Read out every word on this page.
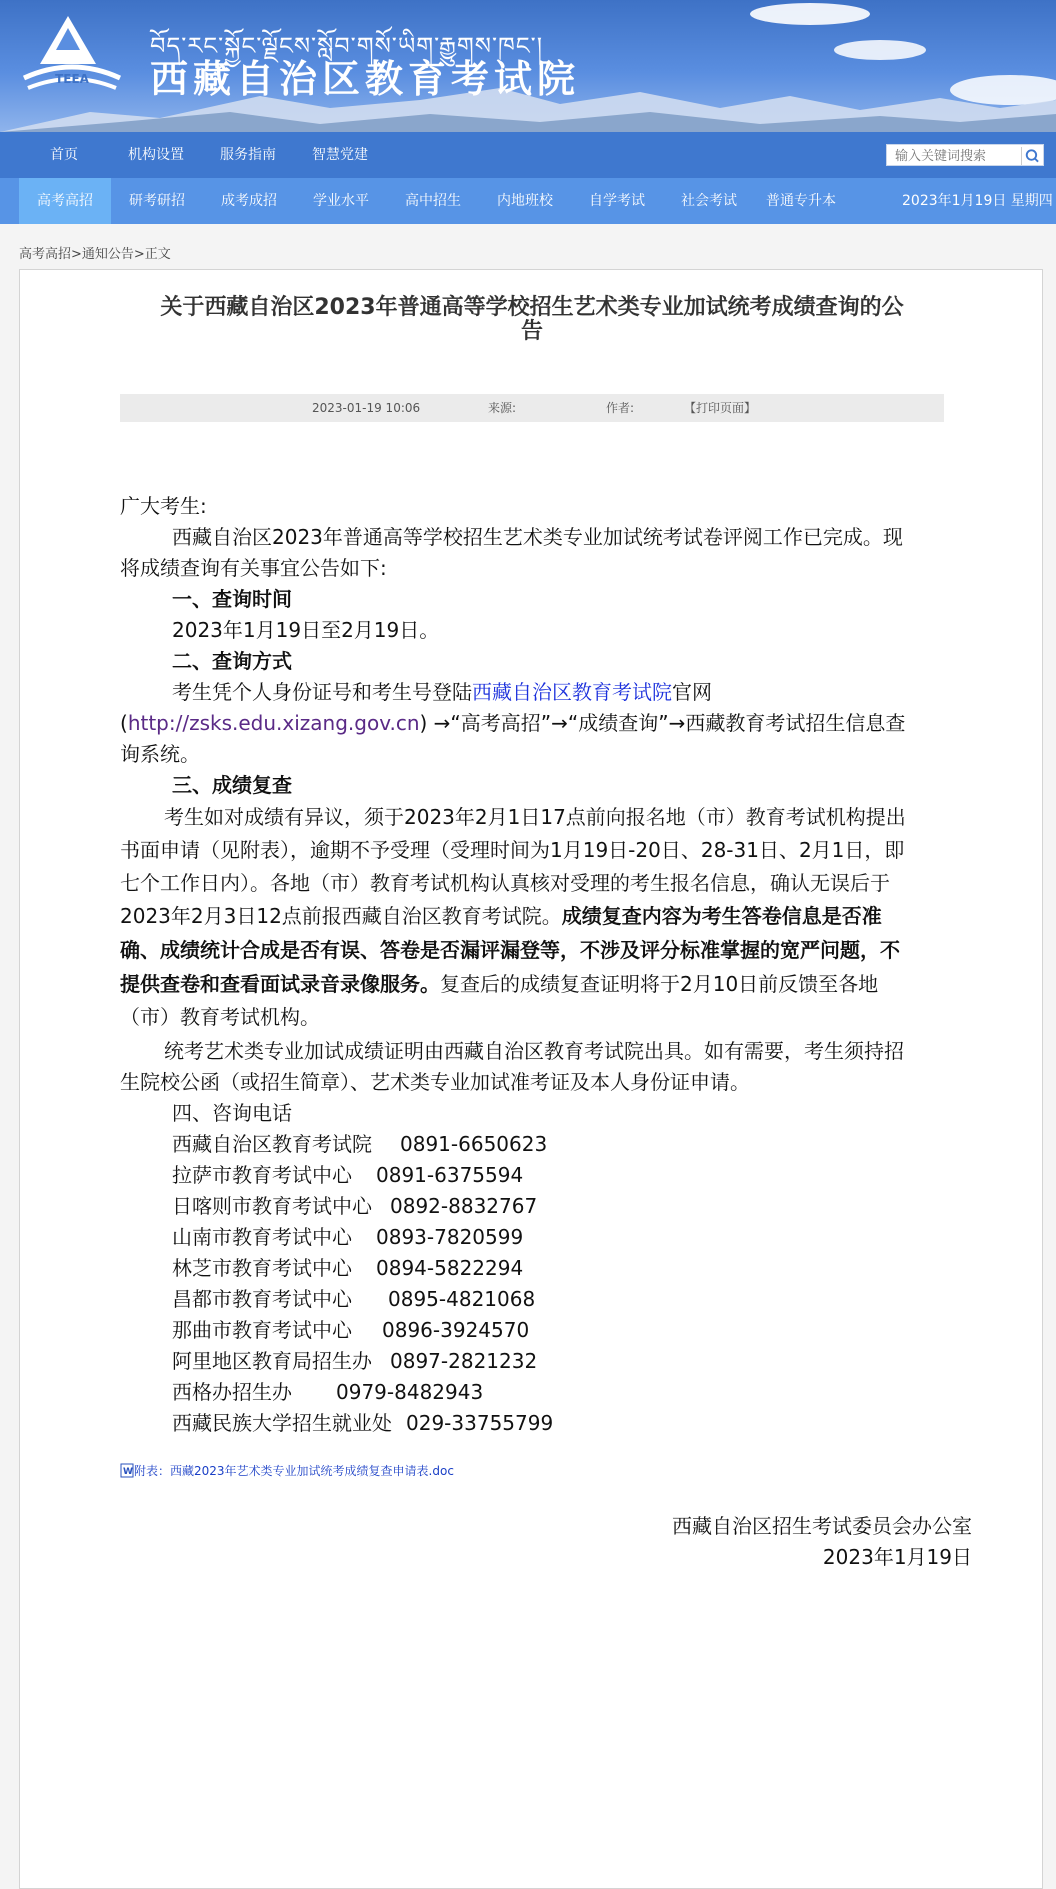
TEEA
བོད་རང་སྐྱོང་ལྗོངས་སློབ་གསོ་ཡིག་རྒྱུགས་ཁང་།
西藏自治区教育考试院
首页	机构设置	服务指南	智慧党建
输入关键词搜索
高考高招	研考研招	成考成招	学业水平	高中招生	内地班校	自学考试	社会考试	普通专升本	2023年1月19日 星期四
高考高招>通知公告>正文
关于西藏自治区2023年普通高等学校招生艺术类专业加试统考成绩查询的公
告
2023-01-19 10:06	来源:	作者:	【打印页面】
广大考生:
西藏自治区2023年普通高等学校招生艺术类专业加试统考试卷评阅工作已完成。现
将成绩查询有关事宜公告如下:
一、查询时间
2023年1月19日至2月19日。
二、查询方式
考生凭个人身份证号和考生号登陆西藏自治区教育考试院官网
(http://zsks.edu.xizang.gov.cn) →“高考高招”→“成绩查询”→西藏教育考试招生信息查
询系统。
三、成绩复查
考生如对成绩有异议，须于2023年2月1日17点前向报名地（市）教育考试机构提出
书面申请（见附表），逾期不予受理（受理时间为1月19日-20日、28-31日、2月1日，即
七个工作日内）。各地（市）教育考试机构认真核对受理的考生报名信息，确认无误后于
2023年2月3日12点前报西藏自治区教育考试院。成绩复查内容为考生答卷信息是否准
确、成绩统计合成是否有误、答卷是否漏评漏登等，不涉及评分标准掌握的宽严问题，不
提供查卷和查看面试录音录像服务。复查后的成绩复查证明将于2月10日前反馈至各地
（市）教育考试机构。
统考艺术类专业加试成绩证明由西藏自治区教育考试院出具。如有需要，考生须持招
生院校公函（或招生简章）、艺术类专业加试准考证及本人身份证申请。
四、咨询电话
西藏自治区教育考试院 0891-6650623
拉萨市教育考试中心 0891-6375594
日喀则市教育考试中心 0892-8832767
山南市教育考试中心 0893-7820599
林芝市教育考试中心 0894-5822294
昌都市教育考试中心 0895-4821068
那曲市教育考试中心 0896-3924570
阿里地区教育局招生办 0897-2821232
西格办招生办 0979-8482943
西藏民族大学招生就业处 029-33755799
W 附表：西藏2023年艺术类专业加试统考成绩复查申请表.doc
西藏自治区招生考试委员会办公室
2023年1月19日
